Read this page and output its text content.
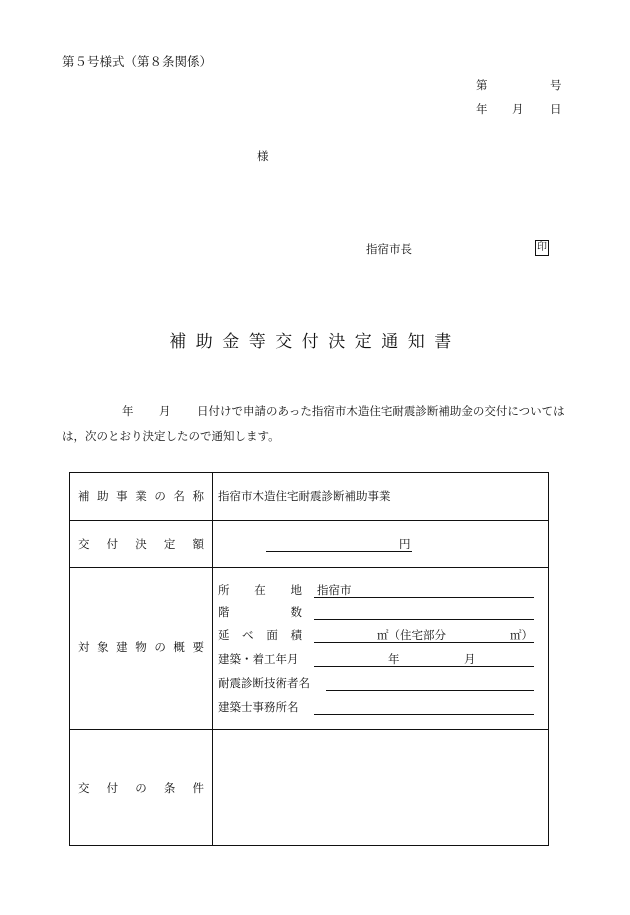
第５号様式（第８条関係）
第	号
年 月 日
様
指宿市長	印
補助金等交付決定通知書
年 月 日付けで申請のあった指宿市木造住宅耐震診断補助金の交付については
は，次のとおり決定したので通知します。
補 助 事 業 の 名 称 指宿市木造住宅耐震診断補助事業
交 付 決 定 額	円
対 象 建 物 の 概 要
所 在 地 指宿市
階	数
延 べ 面 積	㎡（住宅部分	㎡）
建築・着工年月	年	月
耐震診断技術者名
建築士事務所名
交 付 の 条 件
